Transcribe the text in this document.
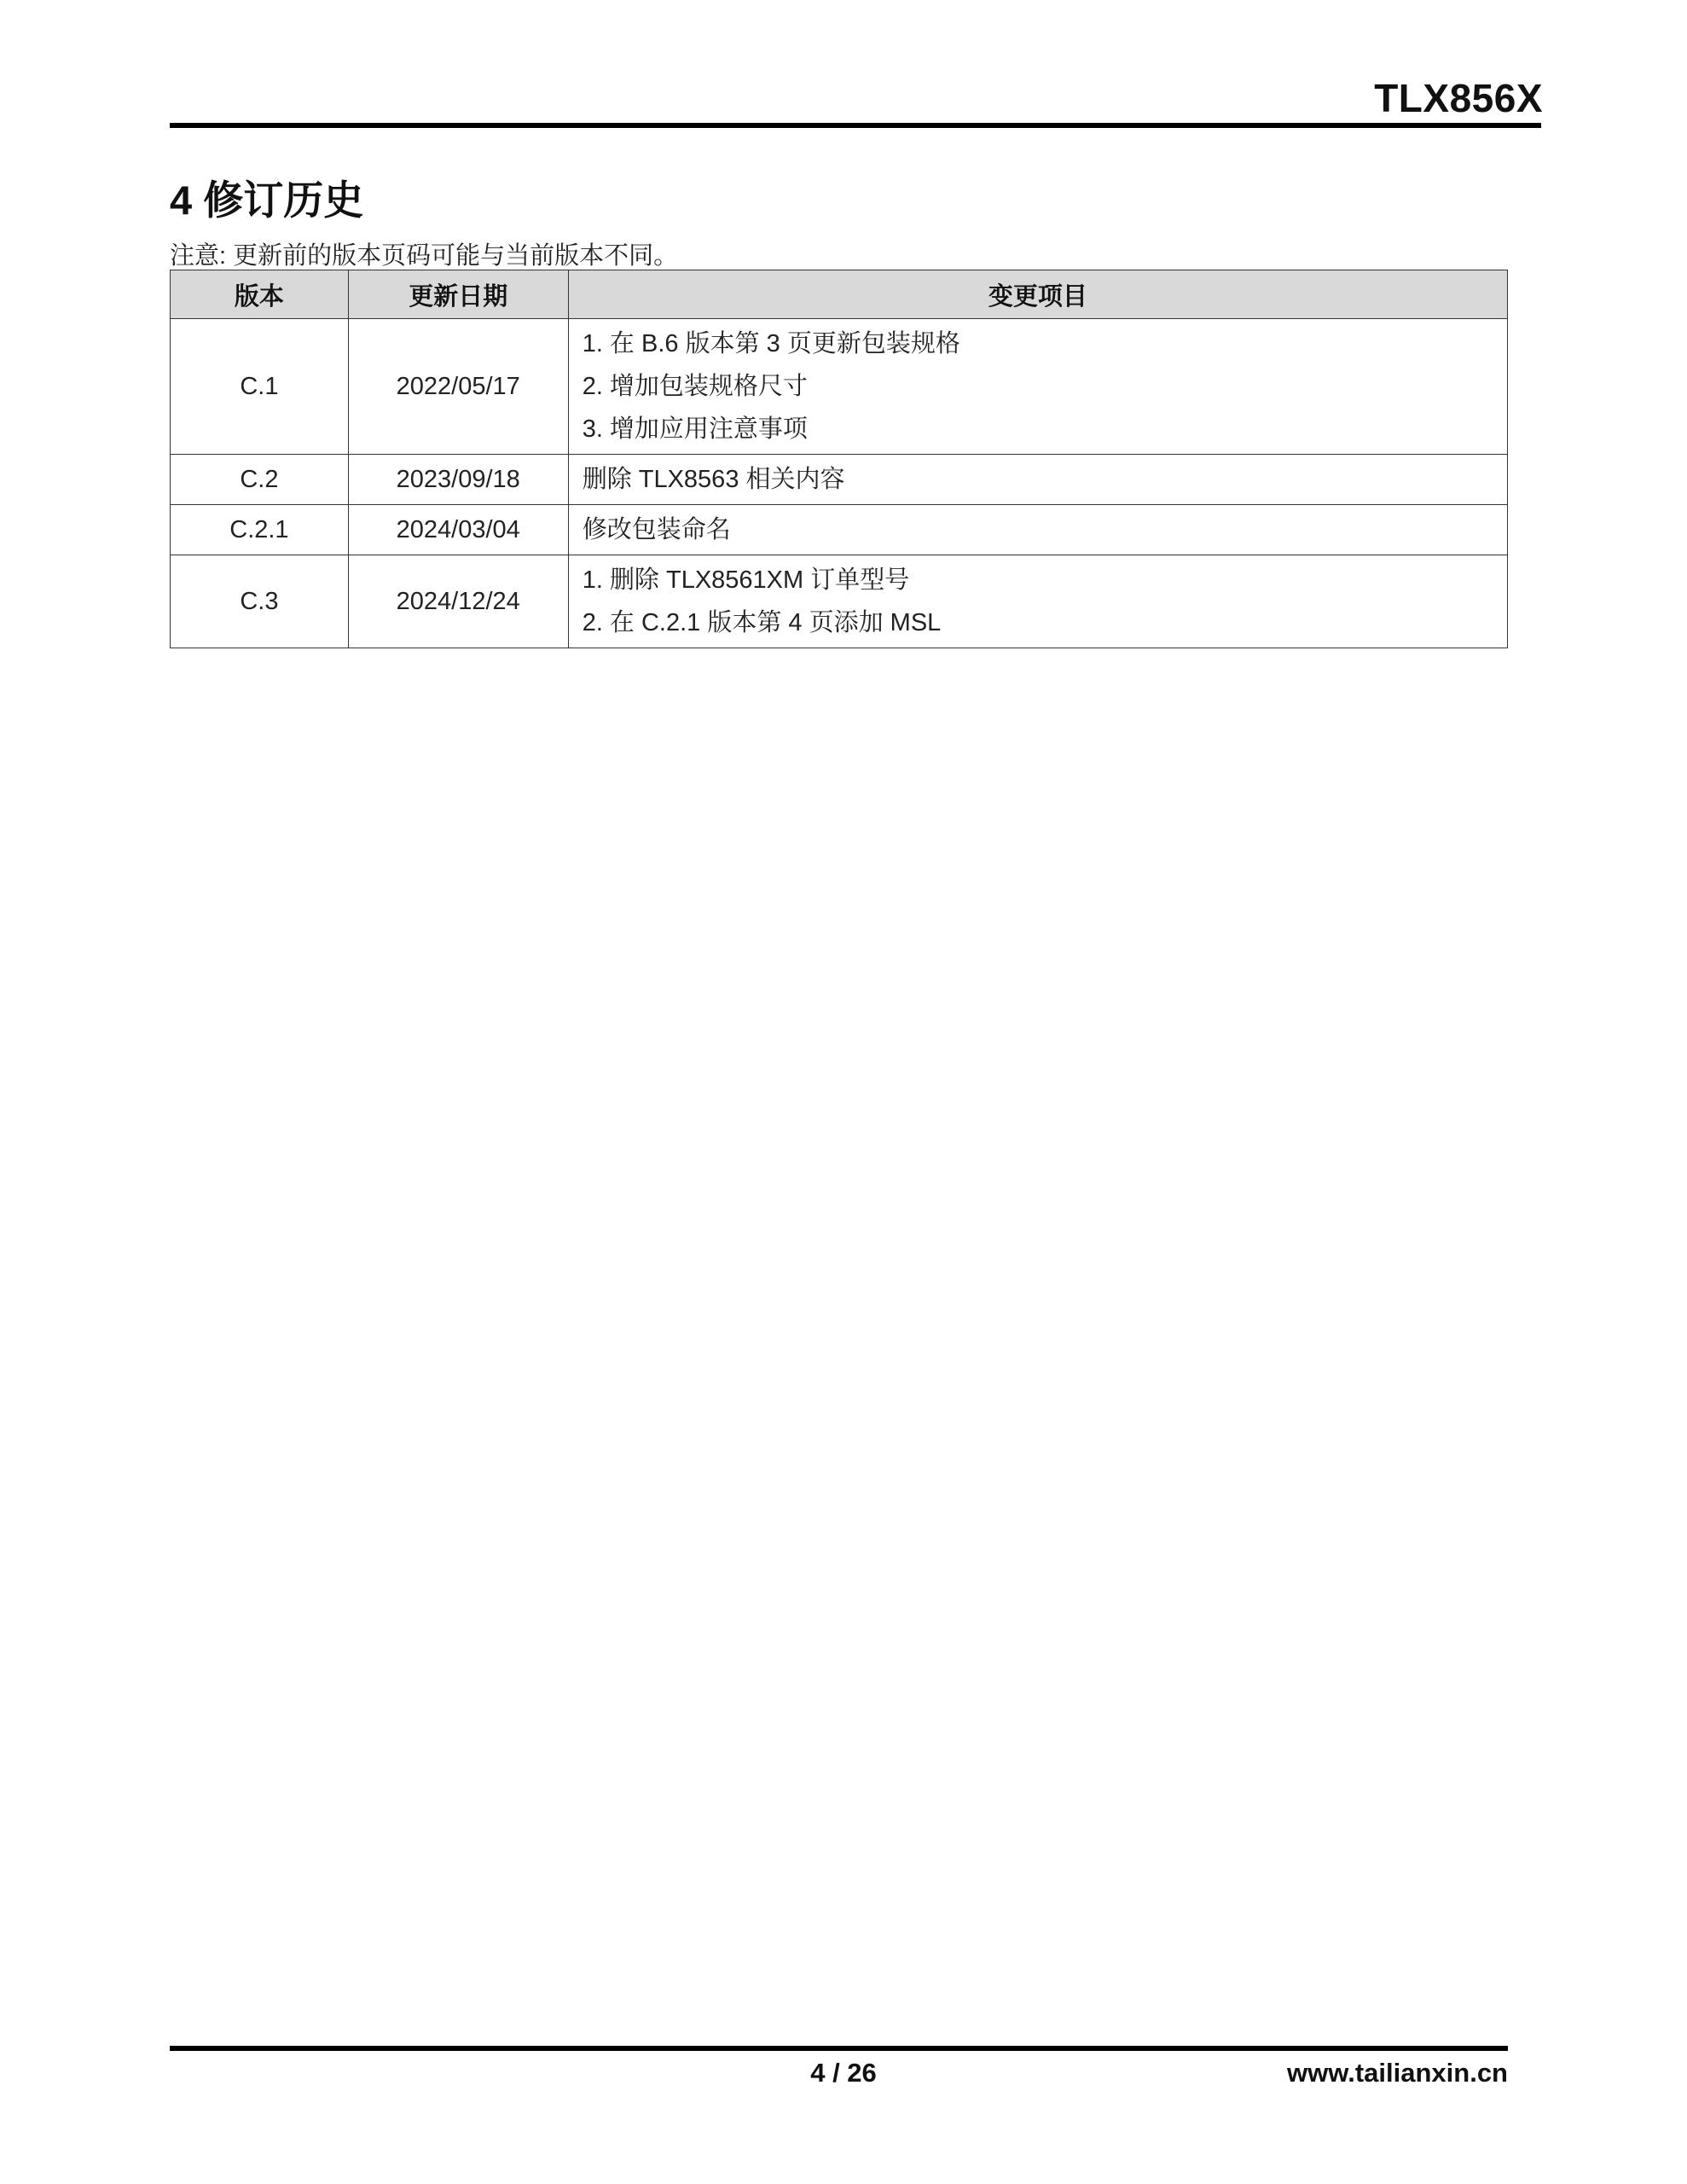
TLX856X
4 修订历史
注意: 更新前的版本页码可能与当前版本不同。
版本	更新日期	变更项目
C.1	2022/05/17	1. 在 B.6 版本第 3 页更新包装规格
2. 增加包装规格尺寸
3. 增加应用注意事项

C.2	2023/09/18	删除 TLX8563 相关内容

C.2.1	2024/03/04	修改包装命名

C.3	2024/12/24	1. 删除 TLX8561XM 订单型号
2. 在 C.2.1 版本第 4 页添加 MSL
4 / 26	www.tailianxin.cn
